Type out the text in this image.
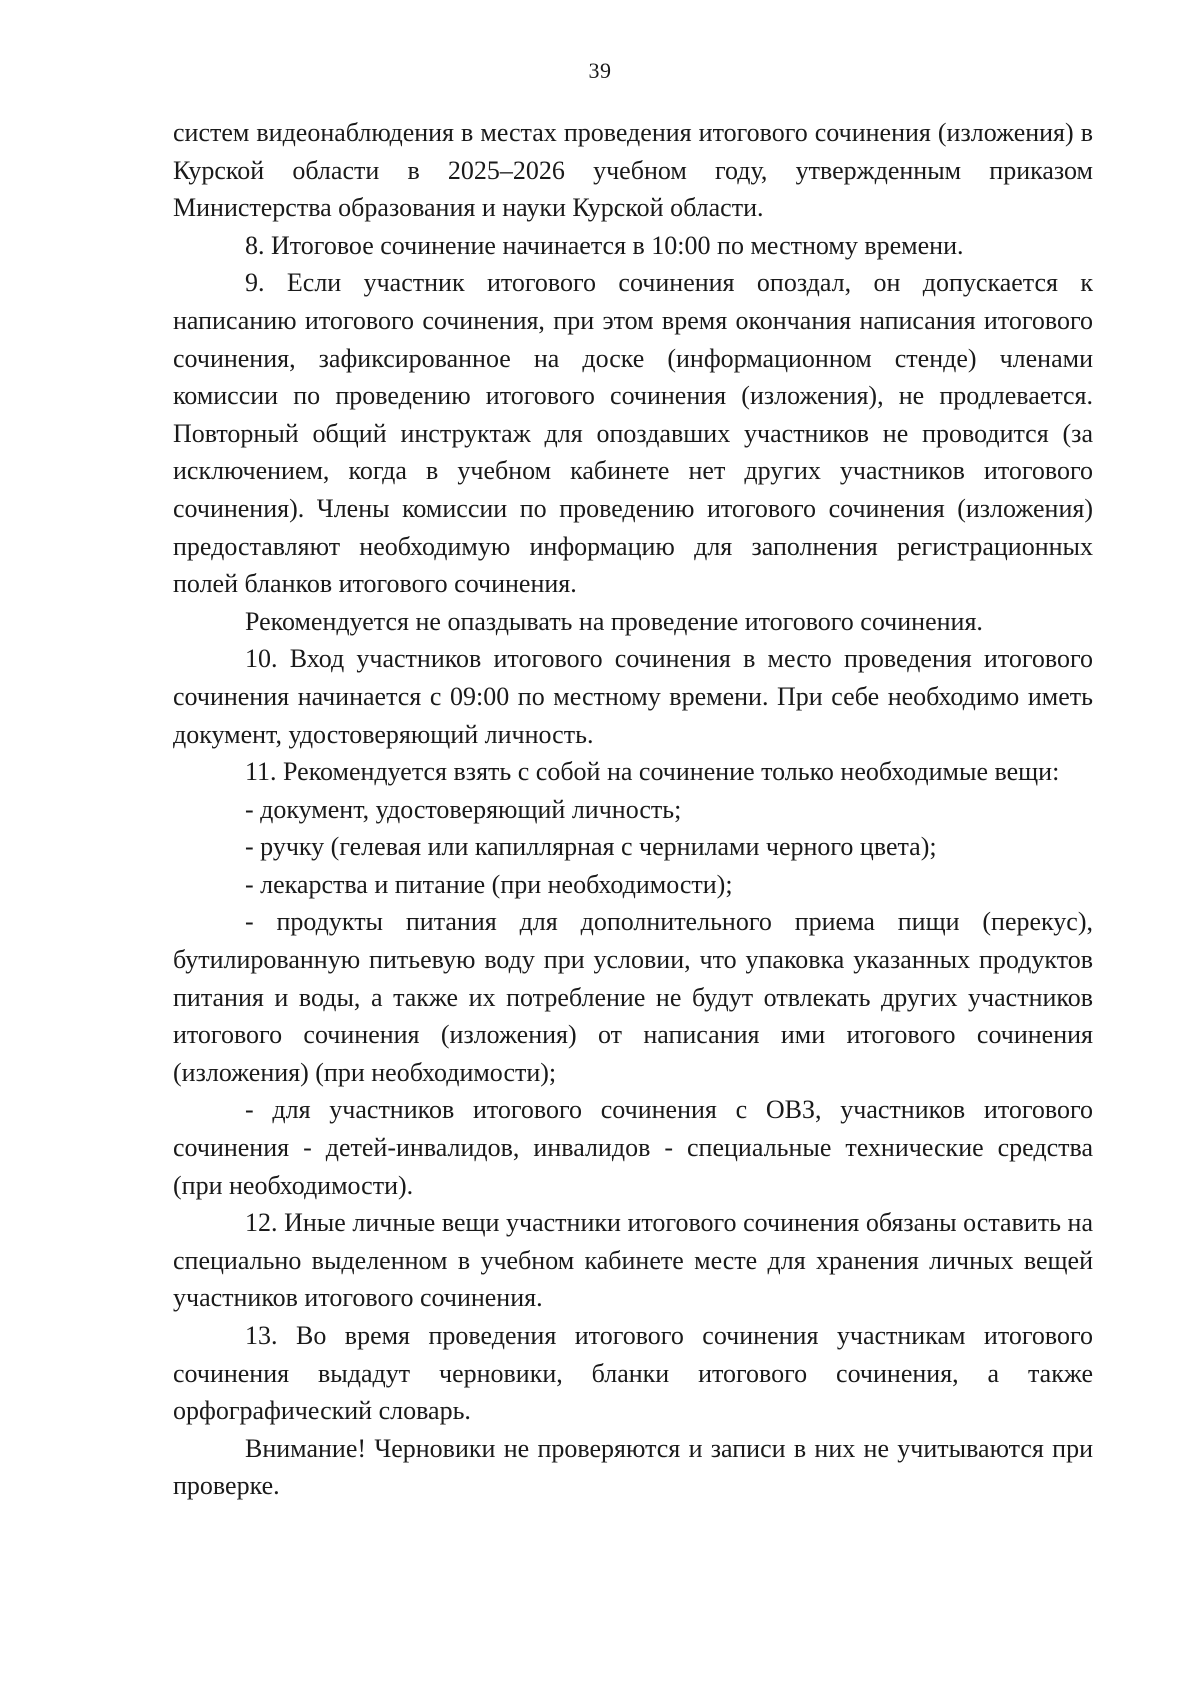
39

систем видеонаблюдения в местах проведения итогового сочинения (изложения) в Курской области в 2025–2026 учебном году, утвержденным приказом Министерства образования и науки Курской области.

8. Итоговое сочинение начинается в 10:00 по местному времени.

9. Если участник итогового сочинения опоздал, он допускается к написанию итогового сочинения, при этом время окончания написания итогового сочинения, зафиксированное на доске (информационном стенде) членами комиссии по проведению итогового сочинения (изложения), не продлевается. Повторный общий инструктаж для опоздавших участников не проводится (за исключением, когда в учебном кабинете нет других участников итогового сочинения). Члены комиссии по проведению итогового сочинения (изложения) предоставляют необходимую информацию для заполнения регистрационных полей бланков итогового сочинения.

Рекомендуется не опаздывать на проведение итогового сочинения.

10. Вход участников итогового сочинения в место проведения итогового сочинения начинается с 09:00 по местному времени. При себе необходимо иметь документ, удостоверяющий личность.

11. Рекомендуется взять с собой на сочинение только необходимые вещи:

- документ, удостоверяющий личность;

- ручку (гелевая или капиллярная с чернилами черного цвета);

- лекарства и питание (при необходимости);

- продукты питания для дополнительного приема пищи (перекус), бутилированную питьевую воду при условии, что упаковка указанных продуктов питания и воды, а также их потребление не будут отвлекать других участников итогового сочинения (изложения) от написания ими итогового сочинения (изложения) (при необходимости);

- для участников итогового сочинения с ОВЗ, участников итогового сочинения - детей-инвалидов, инвалидов - специальные технические средства (при необходимости).

12. Иные личные вещи участники итогового сочинения обязаны оставить на специально выделенном в учебном кабинете месте для хранения личных вещей участников итогового сочинения.

13. Во время проведения итогового сочинения участникам итогового сочинения выдадут черновики, бланки итогового сочинения, а также орфографический словарь.

Внимание! Черновики не проверяются и записи в них не учитываются при проверке.
